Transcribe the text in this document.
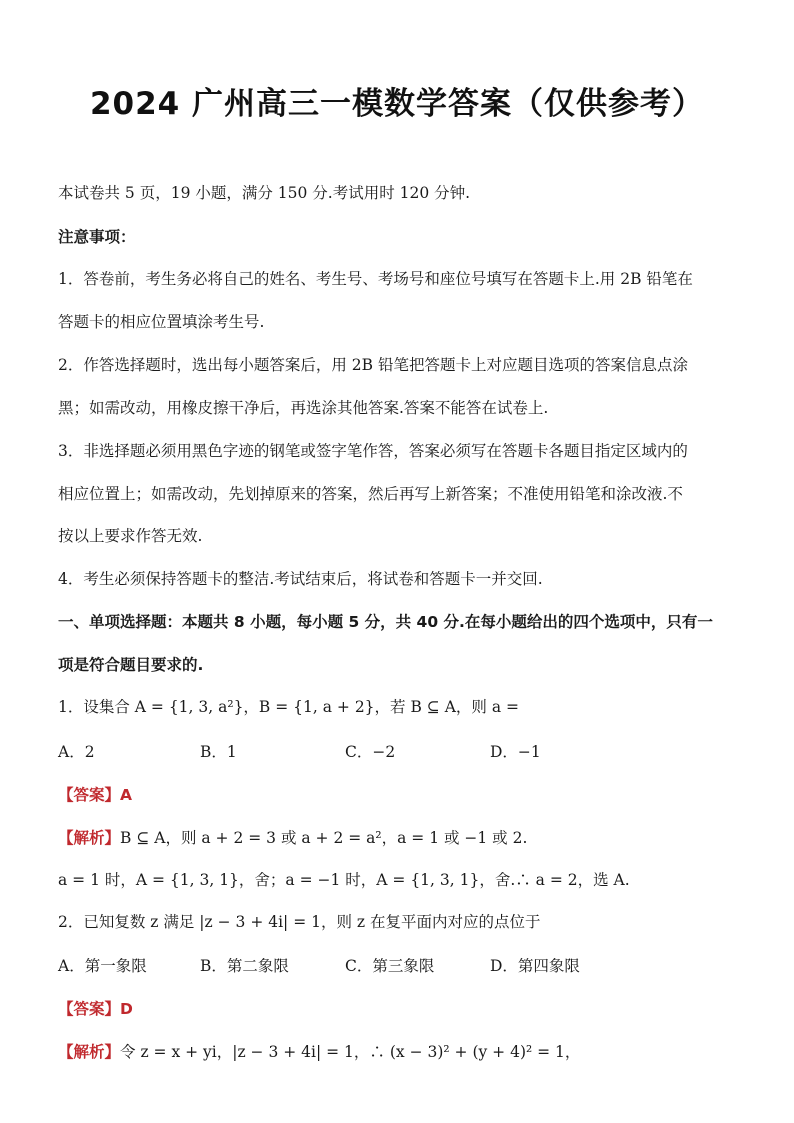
2024 广州高三一模数学答案（仅供参考）
本试卷共 5 页，19 小题，满分 150 分.考试用时 120 分钟.
注意事项：
1．答卷前，考生务必将自己的姓名、考生号、考场号和座位号填写在答题卡上.用 2B 铅笔在
答题卡的相应位置填涂考生号.
2．作答选择题时，选出每小题答案后，用 2B 铅笔把答题卡上对应题目选项的答案信息点涂
黑；如需改动，用橡皮擦干净后，再选涂其他答案.答案不能答在试卷上.
3．非选择题必须用黑色字迹的钢笔或签字笔作答，答案必须写在答题卡各题目指定区域内的
相应位置上；如需改动，先划掉原来的答案，然后再写上新答案；不准使用铅笔和涂改液.不
按以上要求作答无效.
4．考生必须保持答题卡的整洁.考试结束后，将试卷和答题卡一并交回.
一、单项选择题：本题共 8 小题，每小题 5 分，共 40 分.在每小题给出的四个选项中，只有一
项是符合题目要求的.
1．设集合 A = {1, 3, a²}，B = {1, a + 2}，若 B ⊆ A，则 a =
A．2	B．1	C．−2	D．−1
【答案】A
【解析】B ⊆ A，则 a + 2 = 3 或 a + 2 = a²，a = 1 或 −1 或 2.
a = 1 时，A = {1, 3, 1}，舍；a = −1 时，A = {1, 3, 1}，舍.∴ a = 2，选 A.
2．已知复数 z 满足 |z − 3 + 4i| = 1，则 z 在复平面内对应的点位于
A．第一象限	B．第二象限	C．第三象限	D．第四象限
【答案】D
【解析】令 z = x + yi，|z − 3 + 4i| = 1，∴ (x − 3)² + (y + 4)² = 1，
